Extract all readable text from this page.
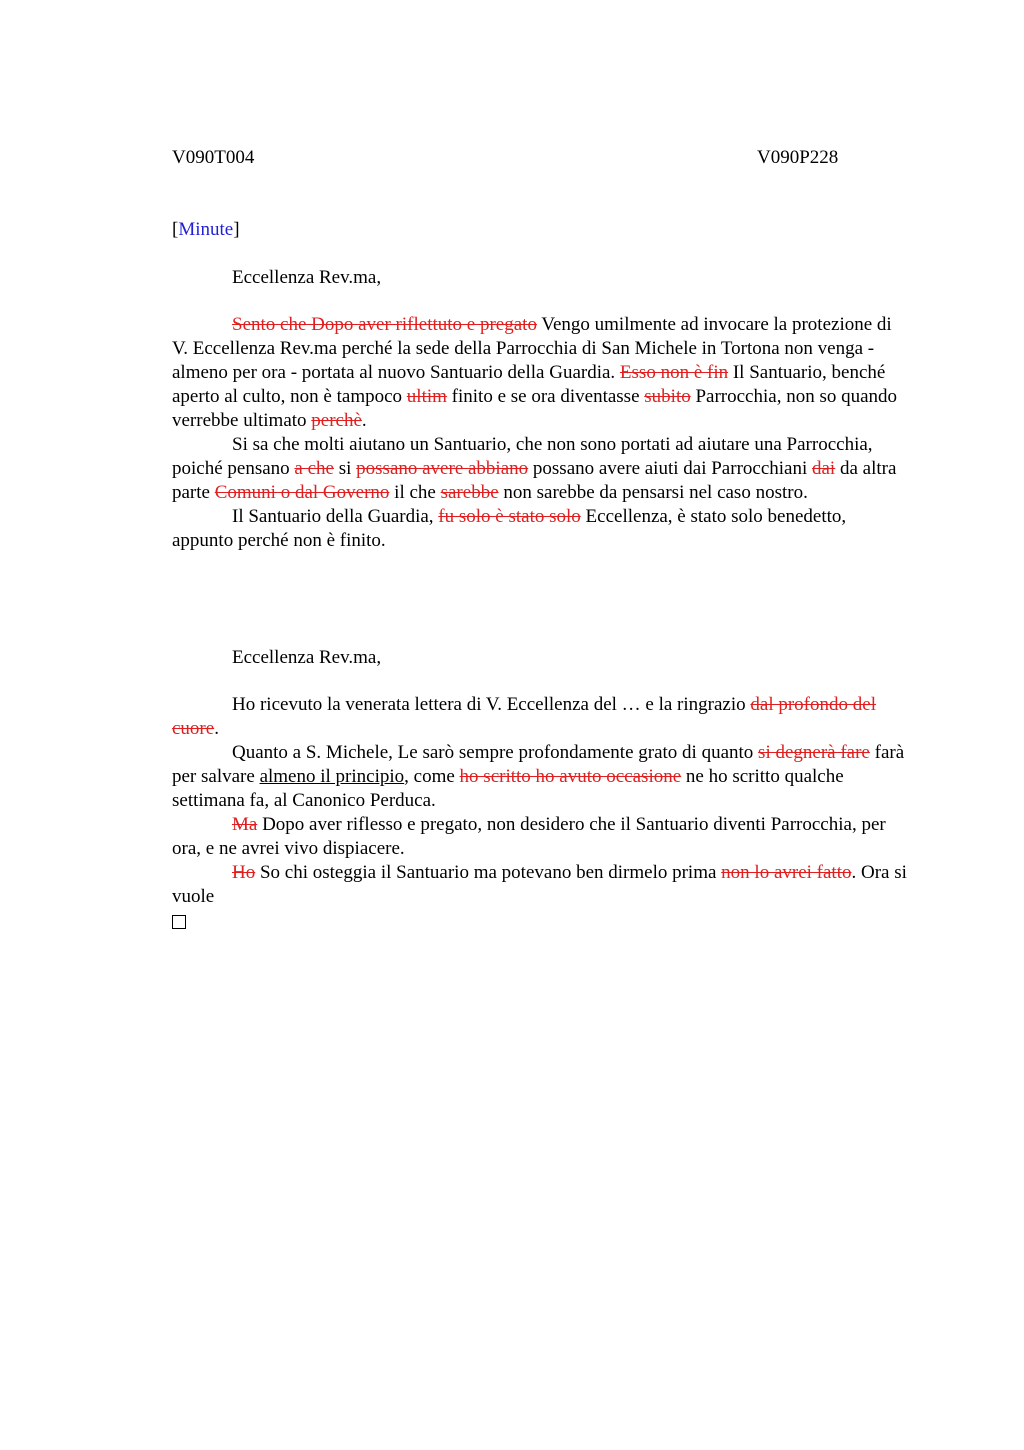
V090T004	V090P228
[Minute]
Eccellenza Rev.ma,

Sento che Dopo aver riflettuto e pregato Vengo umilmente ad invocare la protezione di V. Eccellenza Rev.ma perché la sede della Parrocchia di San Michele in Tortona non venga - almeno per ora - portata al nuovo Santuario della Guardia. Esso non è fin Il Santuario, benché aperto al culto, non è tampoco ultim finito e se ora diventasse subito Parrocchia, non so quando verrebbe ultimato perchè.

Si sa che molti aiutano un Santuario, che non sono portati ad aiutare una Parrocchia, poiché pensano a che si possano avere abbiano possano avere aiuti dai Parrocchiani dai da altra parte Comuni o dal Governo il che sarebbe non sarebbe da pensarsi nel caso nostro.

Il Santuario della Guardia, fu solo è stato solo Eccellenza, è stato solo benedetto, appunto perché non è finito.

Eccellenza Rev.ma,

Ho ricevuto la venerata lettera di V. Eccellenza del … e la ringrazio dal profondo del cuore.

Quanto a S. Michele, Le sarò sempre profondamente grato di quanto si degnerà fare farà per salvare almeno il principio, come ho scritto ho avuto occasione ne ho scritto qualche settimana fa, al Canonico Perduca.

Ma Dopo aver riflesso e pregato, non desidero che il Santuario diventi Parrocchia, per ora, e ne avrei vivo dispiacere.

Ho So chi osteggia il Santuario ma potevano ben dirmelo prima non lo avrei fatto. Ora si vuole
